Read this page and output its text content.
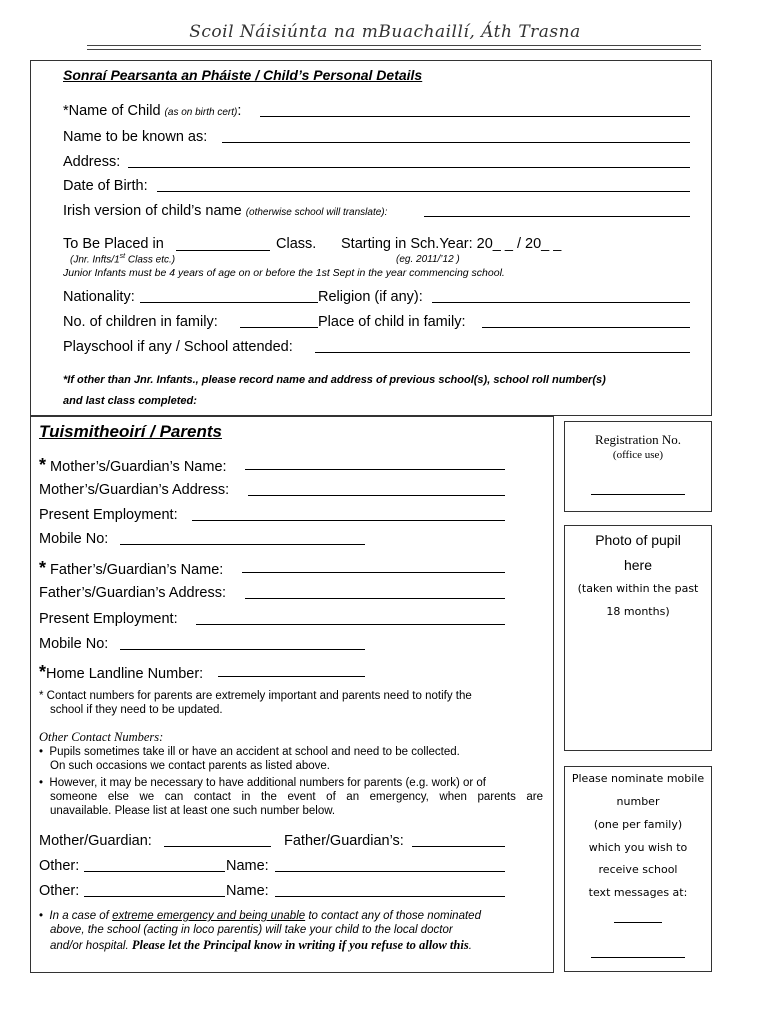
Scoil Náisiúnta na mBuachaillí, Áth Trasna
Sonraí Pearsanta an Pháiste / Child’s Personal Details
*Name of Child (as on birth cert):
Name to be known as:
Address:
Date of Birth:
Irish version of child’s name (otherwise school will translate):
To Be Placed in	Class. Starting in Sch.Year: 20_ _ / 20_ _
(Jnr. Infts/1st Class etc.)	(eg. 2011/’12 )
Junior Infants must be 4 years of age on or before the 1st Sept in the year commencing school.
Nationality:	Religion (if any):
No. of children in family:	Place of child in family:
Playschool if any / School attended:
*If other than Jnr. Infants., please record name and address of previous school(s), school roll number(s)
and last class completed:
Tuismitheoirí / Parents
* Mother’s/Guardian’s Name:
Mother’s/Guardian’s Address:
Present Employment:
Mobile No:
* Father’s/Guardian’s Name:
Father’s/Guardian’s Address:
Present Employment:
Mobile No:
*Home Landline Number:
* Contact numbers for parents are extremely important and parents need to notify the
school if they need to be updated.
Other Contact Numbers:
• Pupils sometimes take ill or have an accident at school and need to be collected.
On such occasions we contact parents as listed above.
• However, it may be necessary to have additional numbers for parents (e.g. work) or of
someone else we can contact in the event of an emergency, when parents are
unavailable. Please list at least one such number below.
Mother/Guardian:	Father/Guardian’s:
Other:	Name:
Other:	Name:
• In a case of extreme emergency and being unable to contact any of those nominated
above, the school (acting in loco parentis) will take your child to the local doctor
and/or hospital. Please let the Principal know in writing if you refuse to allow this.
Registration No.
(office use)
Photo of pupil
here
(taken within the past
18 months)
Please nominate mobile
number
(one per family)
which you wish to
receive school
text messages at:
